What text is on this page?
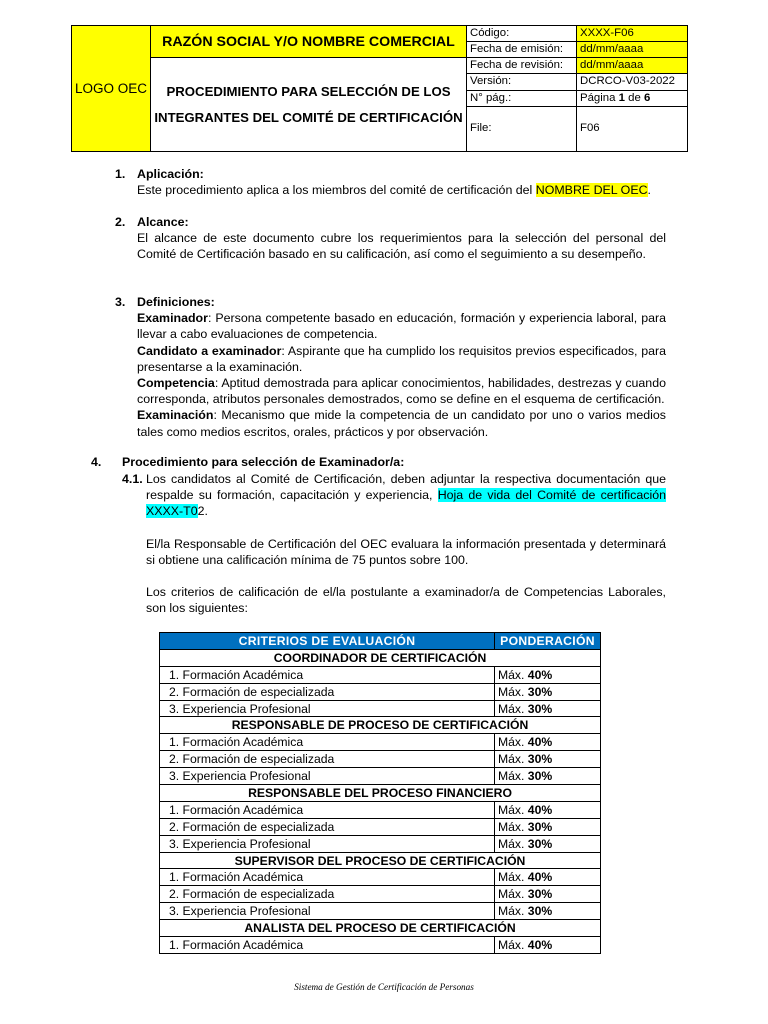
LOGO OEC	RAZÓN SOCIAL Y/O NOMBRE COMERCIAL	Código:	XXXX-F06
		Fecha de emisión:	dd/mm/aaaa
	PROCEDIMIENTO PARA SELECCIÓN DE LOS INTEGRANTES DEL COMITÉ DE CERTIFICACIÓN	Fecha de revisión:	dd/mm/aaaa
		Versión:	DCRCO-V03-2022
		N° pág.:	Página 1 de 6
		File:	F06
1. Aplicación:
Este procedimiento aplica a los miembros del comité de certificación del NOMBRE DEL OEC.
2. Alcance:
El alcance de este documento cubre los requerimientos para la selección del personal del Comité de Certificación basado en su calificación, así como el seguimiento a su desempeño.
3. Definiciones:
Examinador: Persona competente basado en educación, formación y experiencia laboral, para llevar a cabo evaluaciones de competencia.
Candidato a examinador: Aspirante que ha cumplido los requisitos previos especificados, para presentarse a la examinación.
Competencia: Aptitud demostrada para aplicar conocimientos, habilidades, destrezas y cuando corresponda, atributos personales demostrados, como se define en el esquema de certificación.
Examinación: Mecanismo que mide la competencia de un candidato por uno o varios medios tales como medios escritos, orales, prácticos y por observación.
4. Procedimiento para selección de Examinador/a:
4.1. Los candidatos al Comité de Certificación, deben adjuntar la respectiva documentación que respalde su formación, capacitación y experiencia, Hoja de vida del Comité de certificación XXXX-T02.
El/la Responsable de Certificación del OEC evaluara la información presentada y determinará si obtiene una calificación mínima de 75 puntos sobre 100.
Los criterios de calificación de el/la postulante a examinador/a de Competencias Laborales, son los siguientes:
CRITERIOS DE EVALUACIÓN	PONDERACIÓN
COORDINADOR DE CERTIFICACIÓN	
1. Formación Académica	Máx. 40%
2. Formación de especializada	Máx. 30%
3. Experiencia Profesional	Máx. 30%
RESPONSABLE DE PROCESO DE CERTIFICACIÓN	
1. Formación Académica	Máx. 40%
2. Formación de especializada	Máx. 30%
3. Experiencia Profesional	Máx. 30%
RESPONSABLE DEL PROCESO FINANCIERO	
1. Formación Académica	Máx. 40%
2. Formación de especializada	Máx. 30%
3. Experiencia Profesional	Máx. 30%
SUPERVISOR DEL PROCESO DE CERTIFICACIÓN	
1. Formación Académica	Máx. 40%
2. Formación de especializada	Máx. 30%
3. Experiencia Profesional	Máx. 30%
ANALISTA DEL PROCESO DE CERTIFICACIÓN	
1. Formación Académica	Máx. 40%
Sistema de Gestión de Certificación de Personas
